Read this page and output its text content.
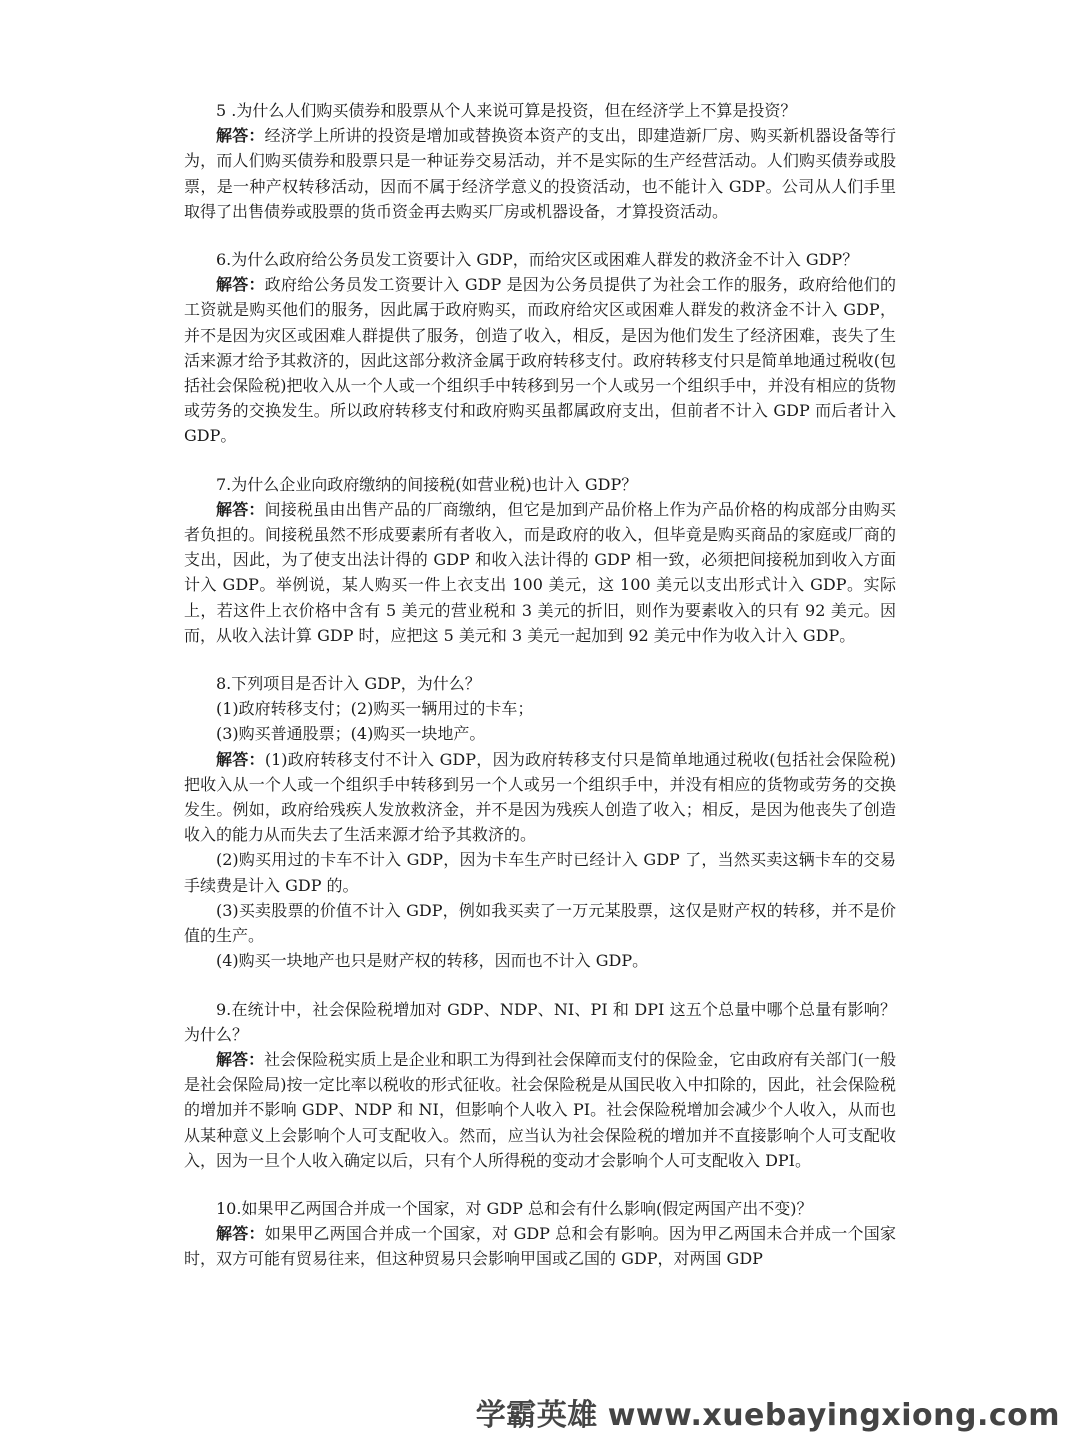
5 .为什么人们购买债券和股票从个人来说可算是投资，但在经济学上不算是投资？

解答：经济学上所讲的投资是增加或替换资本资产的支出，即建造新厂房、购买新机器设备等行为，而人们购买债券和股票只是一种证券交易活动，并不是实际的生产经营活动。人们购买债券或股票，是一种产权转移活动，因而不属于经济学意义的投资活动，也不能计入 GDP。公司从人们手里取得了出售债券或股票的货币资金再去购买厂房或机器设备，才算投资活动。

6.为什么政府给公务员发工资要计入 GDP，而给灾区或困难人群发的救济金不计入 GDP？

解答：政府给公务员发工资要计入 GDP 是因为公务员提供了为社会工作的服务，政府给他们的工资就是购买他们的服务，因此属于政府购买，而政府给灾区或困难人群发的救济金不计入 GDP，并不是因为灾区或困难人群提供了服务，创造了收入，相反，是因为他们发生了经济困难，丧失了生活来源才给予其救济的，因此这部分救济金属于政府转移支付。政府转移支付只是简单地通过税收(包括社会保险税)把收入从一个人或一个组织手中转移到另一个人或另一个组织手中，并没有相应的货物或劳务的交换发生。所以政府转移支付和政府购买虽都属政府支出，但前者不计入 GDP 而后者计入 GDP。

7.为什么企业向政府缴纳的间接税(如营业税)也计入 GDP？

解答：间接税虽由出售产品的厂商缴纳，但它是加到产品价格上作为产品价格的构成部分由购买者负担的。间接税虽然不形成要素所有者收入，而是政府的收入，但毕竟是购买商品的家庭或厂商的支出，因此，为了使支出法计得的 GDP 和收入法计得的 GDP 相一致，必须把间接税加到收入方面计入 GDP。举例说，某人购买一件上衣支出 100 美元，这 100 美元以支出形式计入 GDP。实际上，若这件上衣价格中含有 5 美元的营业税和 3 美元的折旧，则作为要素收入的只有 92 美元。因而，从收入法计算 GDP 时，应把这 5 美元和 3 美元一起加到 92 美元中作为收入计入 GDP。

8.下列项目是否计入 GDP，为什么？

(1)政府转移支付；(2)购买一辆用过的卡车；

(3)购买普通股票；(4)购买一块地产。

解答：(1)政府转移支付不计入 GDP，因为政府转移支付只是简单地通过税收(包括社会保险税)把收入从一个人或一个组织手中转移到另一个人或另一个组织手中，并没有相应的货物或劳务的交换发生。例如，政府给残疾人发放救济金，并不是因为残疾人创造了收入；相反，是因为他丧失了创造收入的能力从而失去了生活来源才给予其救济的。

(2)购买用过的卡车不计入 GDP，因为卡车生产时已经计入 GDP 了，当然买卖这辆卡车的交易手续费是计入 GDP 的。

(3)买卖股票的价值不计入 GDP，例如我买卖了一万元某股票，这仅是财产权的转移，并不是价值的生产。

(4)购买一块地产也只是财产权的转移，因而也不计入 GDP。

9.在统计中，社会保险税增加对 GDP、NDP、NI、PI 和 DPI 这五个总量中哪个总量有影响？为什么？

解答：社会保险税实质上是企业和职工为得到社会保障而支付的保险金，它由政府有关部门(一般是社会保险局)按一定比率以税收的形式征收。社会保险税是从国民收入中扣除的，因此，社会保险税的增加并不影响 GDP、NDP 和 NI，但影响个人收入 PI。社会保险税增加会减少个人收入，从而也从某种意义上会影响个人可支配收入。然而，应当认为社会保险税的增加并不直接影响个人可支配收入，因为一旦个人收入确定以后，只有个人所得税的变动才会影响个人可支配收入 DPI。

10.如果甲乙两国合并成一个国家，对 GDP 总和会有什么影响(假定两国产出不变)？

解答：如果甲乙两国合并成一个国家，对 GDP 总和会有影响。因为甲乙两国未合并成一个国家时，双方可能有贸易往来，但这种贸易只会影响甲国或乙国的 GDP，对两国 GDP

学霸英雄 www.xuebayingxiong.com
